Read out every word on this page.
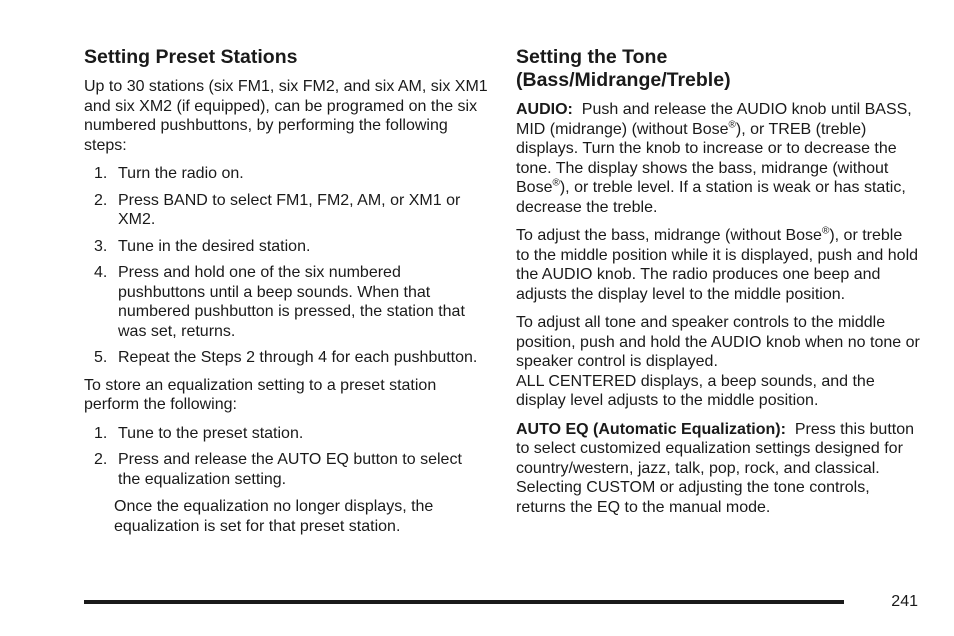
Setting Preset Stations

Up to 30 stations (six FM1, six FM2, and six AM, six XM1 and six XM2 (if equipped), can be programed on the six numbered pushbuttons, by performing the following steps:

1. Turn the radio on.
2. Press BAND to select FM1, FM2, AM, or XM1 or XM2.
3. Tune in the desired station.
4. Press and hold one of the six numbered pushbuttons until a beep sounds. When that numbered pushbutton is pressed, the station that was set, returns.
5. Repeat the Steps 2 through 4 for each pushbutton.

To store an equalization setting to a preset station perform the following:

1. Tune to the preset station.
2. Press and release the AUTO EQ button to select the equalization setting.

Once the equalization no longer displays, the equalization is set for that preset station.

Setting the Tone
(Bass/Midrange/Treble)

AUDIO: Push and release the AUDIO knob until BASS, MID (midrange) (without Bose®), or TREB (treble) displays. Turn the knob to increase or to decrease the tone. The display shows the bass, midrange (without Bose®), or treble level. If a station is weak or has static, decrease the treble.

To adjust the bass, midrange (without Bose®), or treble to the middle position while it is displayed, push and hold the AUDIO knob. The radio produces one beep and adjusts the display level to the middle position.

To adjust all tone and speaker controls to the middle position, push and hold the AUDIO knob when no tone or speaker control is displayed.
ALL CENTERED displays, a beep sounds, and the display level adjusts to the middle position.

AUTO EQ (Automatic Equalization): Press this button to select customized equalization settings designed for country/western, jazz, talk, pop, rock, and classical. Selecting CUSTOM or adjusting the tone controls, returns the EQ to the manual mode.

241
